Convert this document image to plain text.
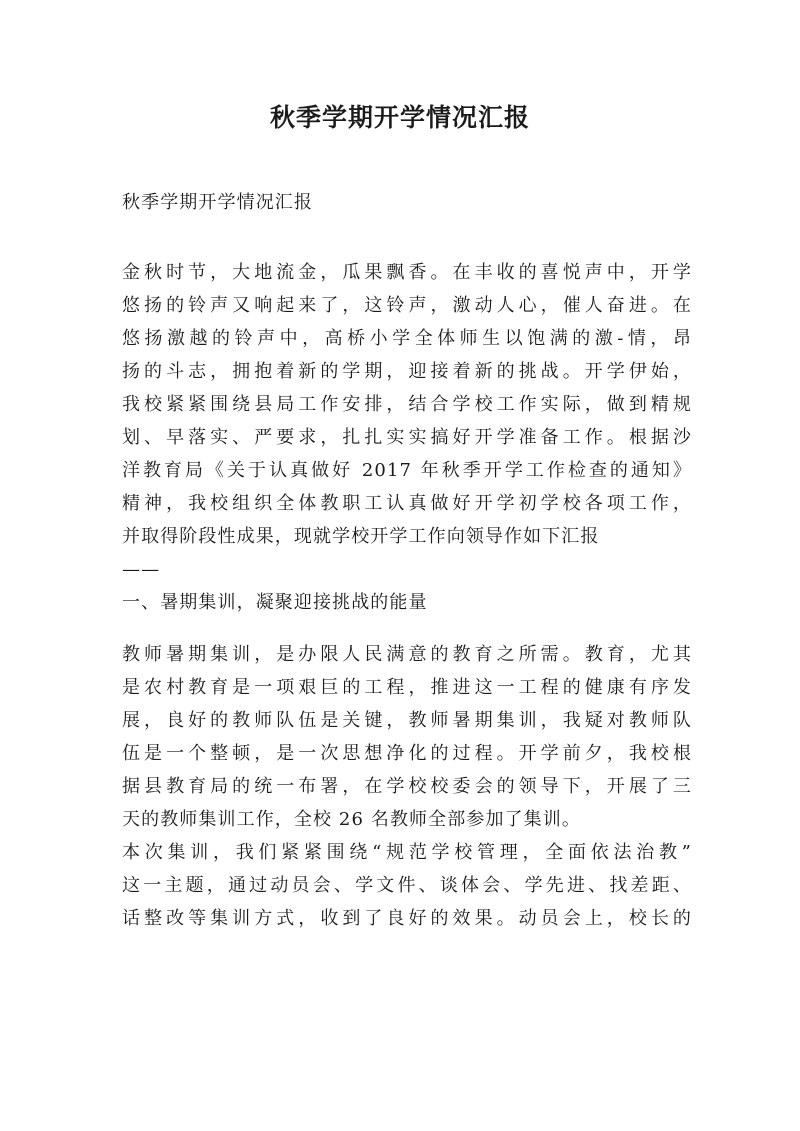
秋季学期开学情况汇报
秋季学期开学情况汇报
金秋时节，大地流金，瓜果飘香。在丰收的喜悦声中，开学
悠扬的铃声又响起来了，这铃声，激动人心，催人奋进。在
悠扬激越的铃声中，高桥小学全体师生以饱满的激-情，昂
扬的斗志，拥抱着新的学期，迎接着新的挑战。开学伊始，
我校紧紧围绕县局工作安排，结合学校工作实际，做到精规
划、早落实、严要求，扎扎实实搞好开学准备工作。根据沙
洋教育局《关于认真做好 2017 年秋季开学工作检查的通知》
精神，我校组织全体教职工认真做好开学初学校各项工作，
并取得阶段性成果，现就学校开学工作向领导作如下汇报
——
一、暑期集训，凝聚迎接挑战的能量
教师暑期集训，是办限人民满意的教育之所需。教育，尤其
是农村教育是一项艰巨的工程，推进这一工程的健康有序发
展，良好的教师队伍是关键，教师暑期集训，我疑对教师队
伍是一个整顿，是一次思想净化的过程。开学前夕，我校根
据县教育局的统一布署，在学校校委会的领导下，开展了三
天的教师集训工作，全校 26 名教师全部参加了集训。
本次集训，我们紧紧围绕“规范学校管理，全面依法治教”
这一主题，通过动员会、学文件、谈体会、学先进、找差距、
话整改等集训方式，收到了良好的效果。动员会上，校长的
